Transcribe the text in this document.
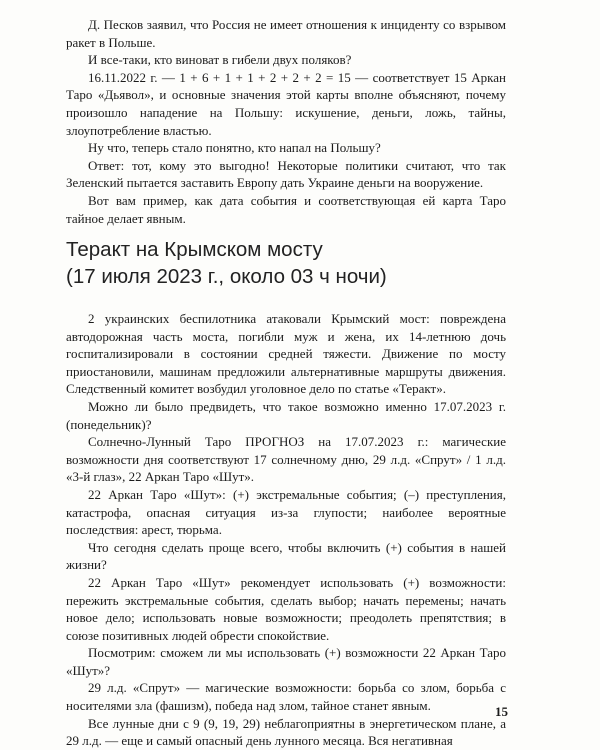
Д. Песков заявил, что Россия не имеет отношения к инциденту со взрывом ракет в Польше.

И все-таки, кто виноват в гибели двух поляков?

16.11.2022 г. — 1 + 6 + 1 + 1 + 2 + 2 + 2 = 15 — соответствует 15 Аркан Таро «Дьявол», и основные значения этой карты вполне объясняют, почему произошло нападение на Польшу: искушение, деньги, ложь, тайны, злоупотребление властью.

Ну что, теперь стало понятно, кто напал на Польшу?

Ответ: тот, кому это выгодно! Некоторые политики считают, что так Зеленский пытается заставить Европу дать Украине деньги на вооружение.

Вот вам пример, как дата события и соответствующая ей карта Таро тайное делает явным.

Теракт на Крымском мосту
(17 июля 2023 г., около 03 ч ночи)

2 украинских беспилотника атаковали Крымский мост: повреждена автодорожная часть моста, погибли муж и жена, их 14-летнюю дочь госпитализировали в состоянии средней тяжести. Движение по мосту приостановили, машинам предложили альтернативные маршруты движения. Следственный комитет возбудил уголовное дело по статье «Теракт».

Можно ли было предвидеть, что такое возможно именно 17.07.2023 г. (понедельник)?

Солнечно-Лунный Таро ПРОГНОЗ на 17.07.2023 г.: магические возможности дня соответствуют 17 солнечному дню, 29 л.д. «Спрут» / 1 л.д. «3-й глаз», 22 Аркан Таро «Шут».

22 Аркан Таро «Шут»: (+) экстремальные события; (–) преступления, катастрофа, опасная ситуация из-за глупости; наиболее вероятные последствия: арест, тюрьма.

Что сегодня сделать проще всего, чтобы включить (+) события в нашей жизни?

22 Аркан Таро «Шут» рекомендует использовать (+) возможности: пережить экстремальные события, сделать выбор; начать перемены; начать новое дело; использовать новые возможности; преодолеть препятствия; в союзе позитивных людей обрести спокойствие.

Посмотрим: сможем ли мы использовать (+) возможности 22 Аркан Таро «Шут»?

29 л.д. «Спрут» — магические возможности: борьба со злом, борьба с носителями зла (фашизм), победа над злом, тайное станет явным.

Все лунные дни с 9 (9, 19, 29) неблагоприятны в энергетическом плане, а 29 л.д. — еще и самый опасный день лунного месяца. Вся негативная

15
